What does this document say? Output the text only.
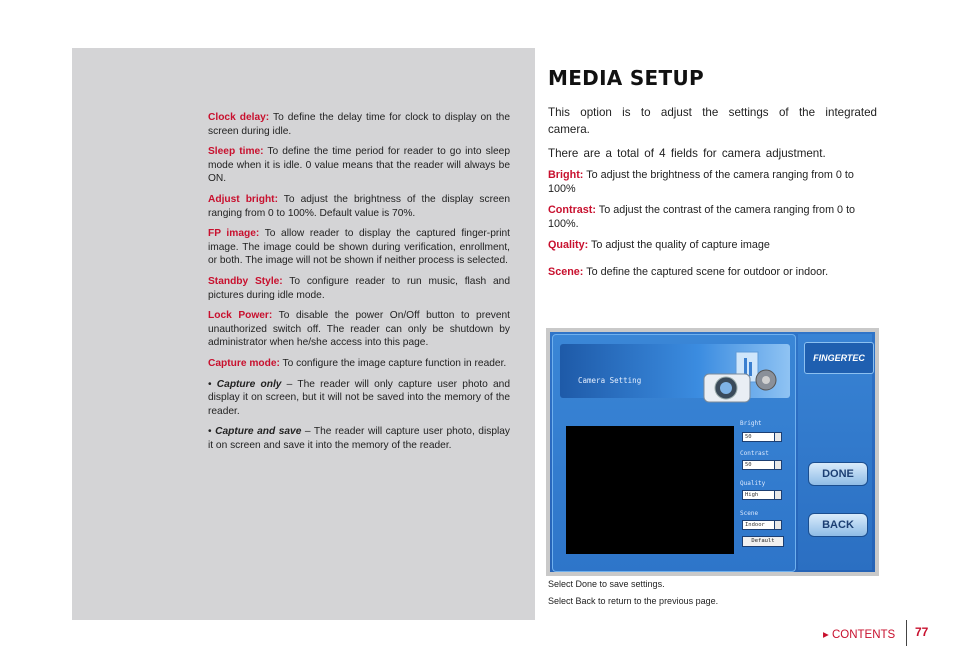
Clock delay: To define the delay time for clock to display on the screen during idle.

Sleep time: To define the time period for reader to go into sleep mode when it is idle. 0 value means that the reader will always be ON.

Adjust bright: To adjust the brightness of the display screen ranging from 0 to 100%. Default value is 70%.

FP image: To allow reader to display the captured finger-print image. The image could be shown during verification, enrollment, or both. The image will not be shown if neither process is selected.

Standby Style: To configure reader to run music, flash and pictures during idle mode.

Lock Power: To disable the power On/Off button to prevent unauthorized switch off. The reader can only be shutdown by administrator when he/she access into this page.

Capture mode: To configure the image capture function in reader.

• Capture only – The reader will only capture user photo and display it on screen, but it will not be saved into the memory of the reader.

• Capture and save – The reader will capture user photo, display it on screen and save it into the memory of the reader.

MEDIA SETUP

This option is to adjust the settings of the integrated camera.

There are a total of 4 fields for camera adjustment.

Bright: To adjust the brightness of the camera ranging from 0 to 100%

Contrast: To adjust the contrast of the camera ranging from 0 to 100%.

Quality: To adjust the quality of capture image

Scene: To define the captured scene for outdoor or indoor.

Camera Setting
Bright
50
Contrast
50
Quality
High
Scene
Indoor
Default
FINGERTEC
DONE
BACK
Select Done to save settings.
Select Back to return to the previous page.
▸ CONTENTS 77
